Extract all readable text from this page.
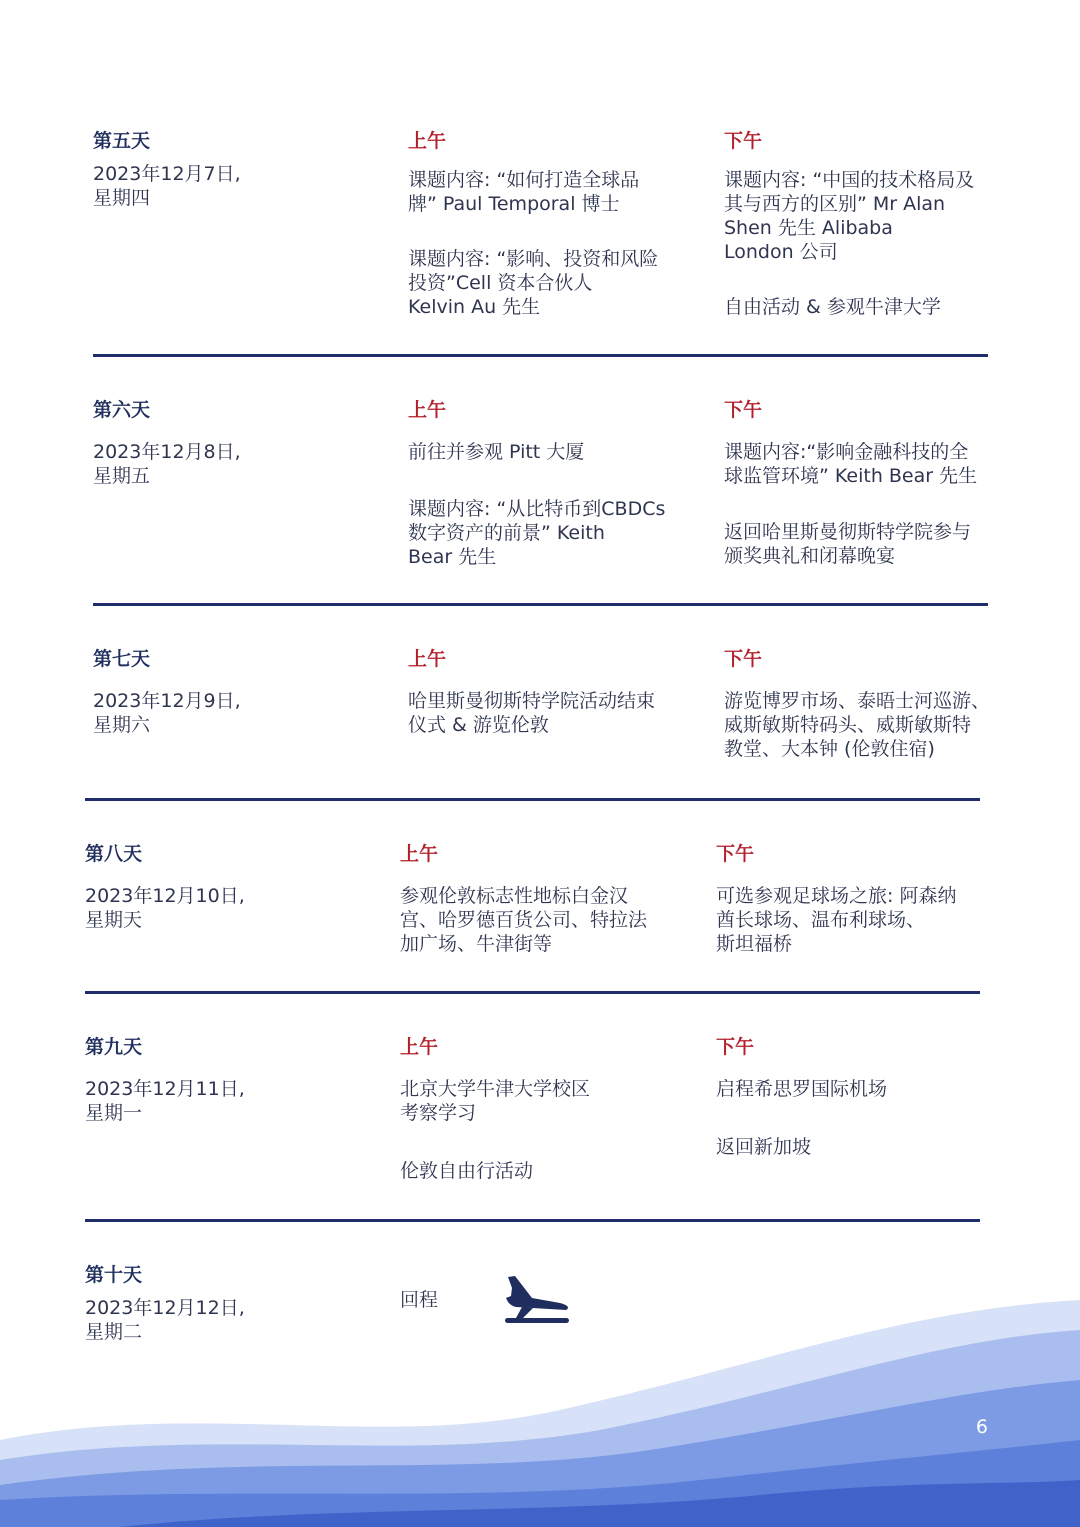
第五天
2023年12月7日,
星期四
上午
课题内容: “如何打造全球品
牌” Paul Temporal 博士
课题内容: “影响、投资和风险
投资”Cell 资本合伙人
Kelvin Au 先生
下午
课题内容: “中国的技术格局及
其与西方的区别” Mr Alan
Shen 先生 Alibaba
London 公司
自由活动 & 参观牛津大学
第六天
2023年12月8日,
星期五
上午
前往并参观 Pitt 大厦
课题内容: “从比特币到CBDCs
数字资产的前景” Keith
Bear 先生
下午
课题内容:“影响金融科技的全
球监管环境” Keith Bear 先生
返回哈里斯曼彻斯特学院参与
颁奖典礼和闭幕晚宴
第七天
2023年12月9日,
星期六
上午
哈里斯曼彻斯特学院活动结束
仪式 & 游览伦敦
下午
游览博罗市场、泰晤士河巡游、
威斯敏斯特码头、威斯敏斯特
教堂、大本钟 (伦敦住宿)
第八天
2023年12月10日,
星期天
上午
参观伦敦标志性地标白金汉
宫、哈罗德百货公司、特拉法
加广场、牛津街等
下午
可选参观足球场之旅: 阿森纳
酋长球场、温布利球场、
斯坦福桥
第九天
2023年12月11日,
星期一
上午
北京大学牛津大学校区
考察学习
伦敦自由行活动
下午
启程希思罗国际机场
返回新加坡
第十天
2023年12月12日,
星期二
回程
6
